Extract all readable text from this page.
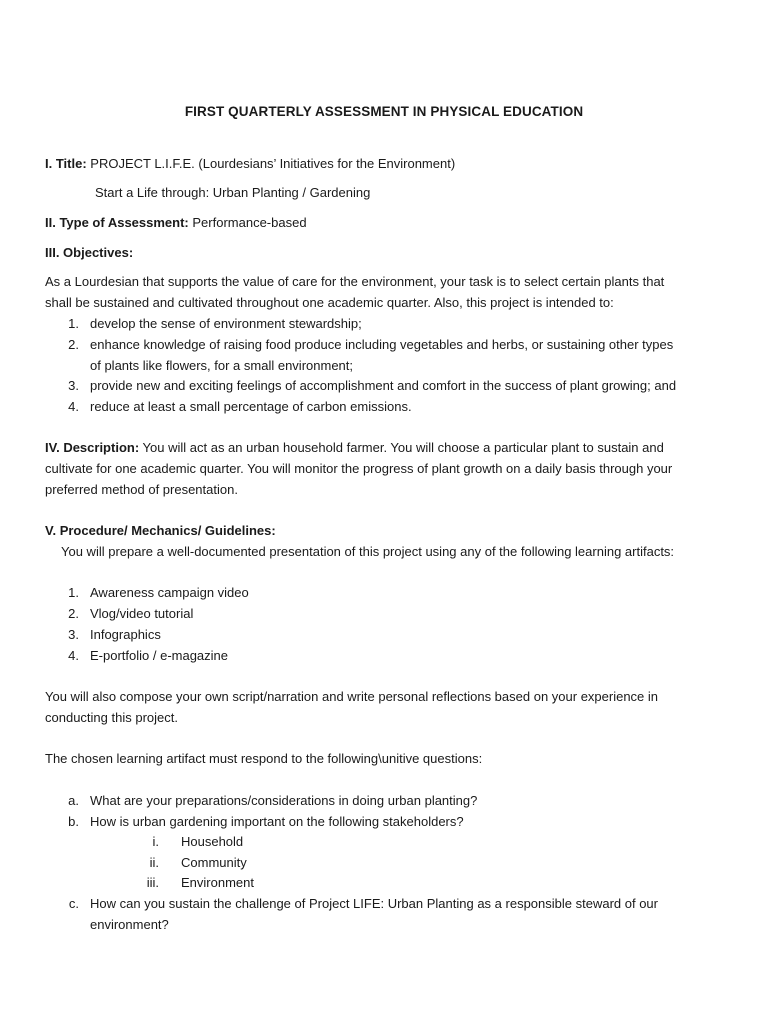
FIRST QUARTERLY ASSESSMENT IN PHYSICAL EDUCATION
I. Title: PROJECT L.I.F.E. (Lourdesians’ Initiatives for the Environment)
Start a Life through: Urban Planting / Gardening
II. Type of Assessment: Performance-based
III. Objectives:
As a Lourdesian that supports the value of care for the environment, your task is to select certain plants that
shall be sustained and cultivated throughout one academic quarter. Also, this project is intended to:
1. develop the sense of environment stewardship;
2. enhance knowledge of raising food produce including vegetables and herbs, or sustaining other types
of plants like flowers, for a small environment;
3. provide new and exciting feelings of accomplishment and comfort in the success of plant growing; and
4. reduce at least a small percentage of carbon emissions.
IV. Description: You will act as an urban household farmer. You will choose a particular plant to sustain and
cultivate for one academic quarter. You will monitor the progress of plant growth on a daily basis through your
preferred method of presentation.
V. Procedure/ Mechanics/ Guidelines:
You will prepare a well-documented presentation of this project using any of the following learning artifacts:
1. Awareness campaign video
2. Vlog/video tutorial
3. Infographics
4. E-portfolio / e-magazine
You will also compose your own script/narration and write personal reflections based on your experience in
conducting this project.
The chosen learning artifact must respond to the following\unitive questions:
a. What are your preparations/considerations in doing urban planting?
b. How is urban gardening important on the following stakeholders?
i. Household
ii. Community
iii. Environment
c. How can you sustain the challenge of Project LIFE: Urban Planting as a responsible steward of our
environment?
